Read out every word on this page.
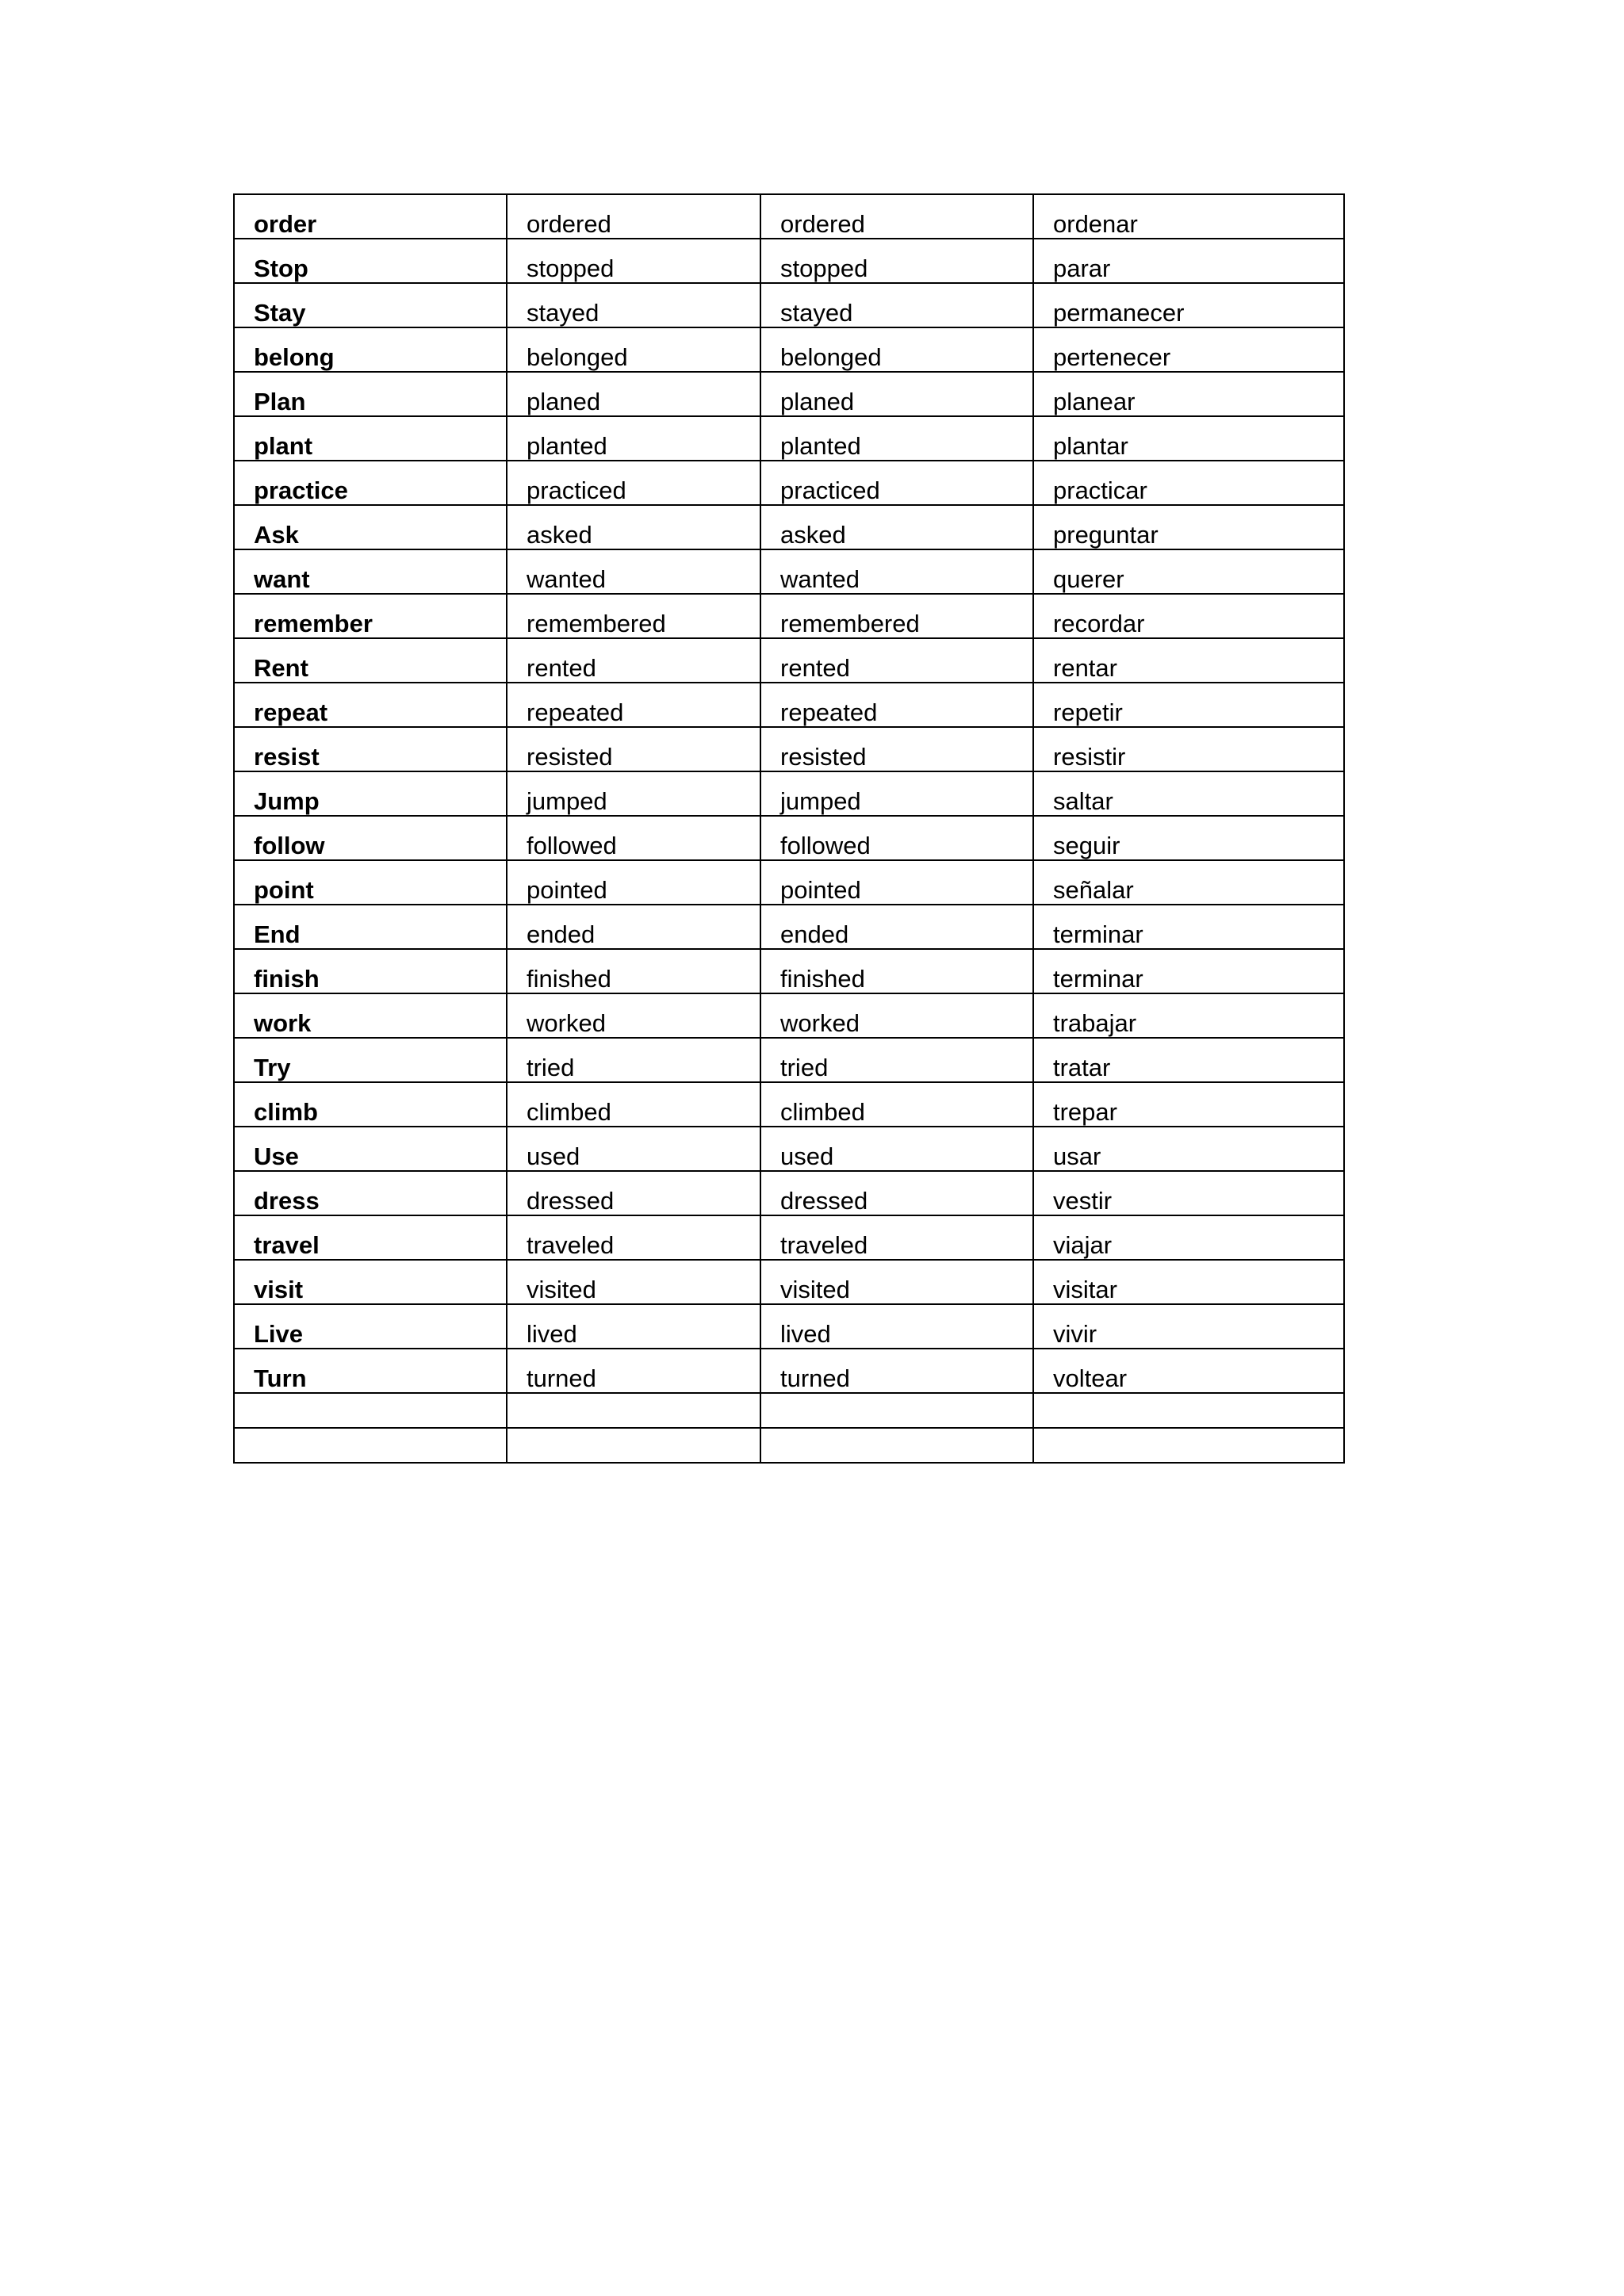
order	ordered	ordered	ordenar
Stop	stopped	stopped	parar
Stay	stayed	stayed	permanecer
belong	belonged	belonged	pertenecer
Plan	planed	planed	planear
plant	planted	planted	plantar
practice	practiced	practiced	practicar
Ask	asked	asked	preguntar
want	wanted	wanted	querer
remember	remembered	remembered	recordar
Rent	rented	rented	rentar
repeat	repeated	repeated	repetir
resist	resisted	resisted	resistir
Jump	jumped	jumped	saltar
follow	followed	followed	seguir
point	pointed	pointed	señalar
End	ended	ended	terminar
finish	finished	finished	terminar
work	worked	worked	trabajar
Try	tried	tried	tratar
climb	climbed	climbed	trepar
Use	used	used	usar
dress	dressed	dressed	vestir
travel	traveled	traveled	viajar
visit	visited	visited	visitar
Live	lived	lived	vivir
Turn	turned	turned	voltear
